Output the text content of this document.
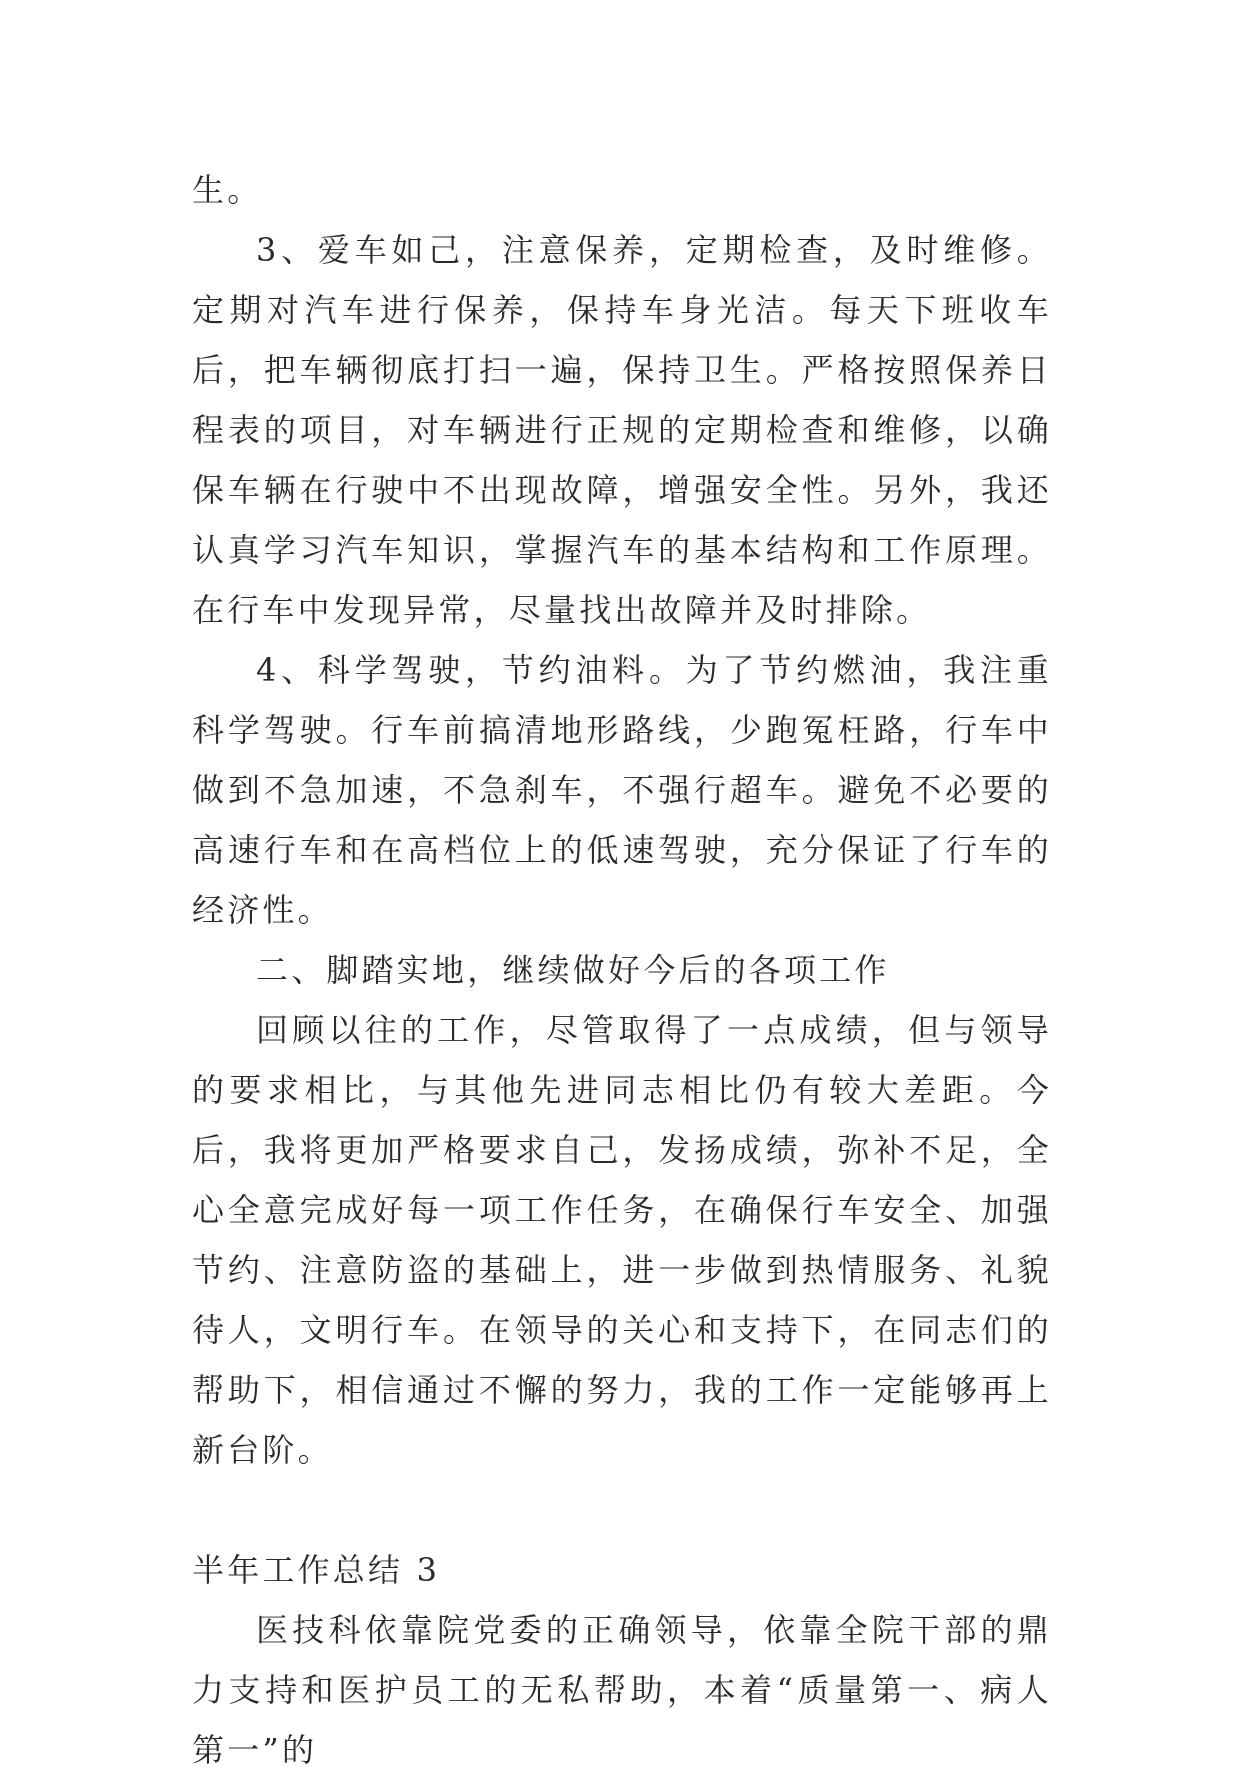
生。

3、爱车如己，注意保养，定期检查，及时维修。定期对汽车进行保养，保持车身光洁。每天下班收车后，把车辆彻底打扫一遍，保持卫生。严格按照保养日程表的项目，对车辆进行正规的定期检查和维修，以确保车辆在行驶中不出现故障，增强安全性。另外，我还认真学习汽车知识，掌握汽车的基本结构和工作原理。在行车中发现异常，尽量找出故障并及时排除。

4、科学驾驶，节约油料。为了节约燃油，我注重科学驾驶。行车前搞清地形路线，少跑冤枉路，行车中做到不急加速，不急刹车，不强行超车。避免不必要的高速行车和在高档位上的低速驾驶，充分保证了行车的经济性。

二、脚踏实地，继续做好今后的各项工作

回顾以往的工作，尽管取得了一点成绩，但与领导的要求相比，与其他先进同志相比仍有较大差距。今后，我将更加严格要求自己，发扬成绩，弥补不足，全心全意完成好每一项工作任务，在确保行车安全、加强节约、注意防盗的基础上，进一步做到热情服务、礼貌待人，文明行车。在领导的关心和支持下，在同志们的帮助下，相信通过不懈的努力，我的工作一定能够再上新台阶。

半年工作总结 3

医技科依靠院党委的正确领导，依靠全院干部的鼎力支持和医护员工的无私帮助，本着“质量第一、病人第一”的
